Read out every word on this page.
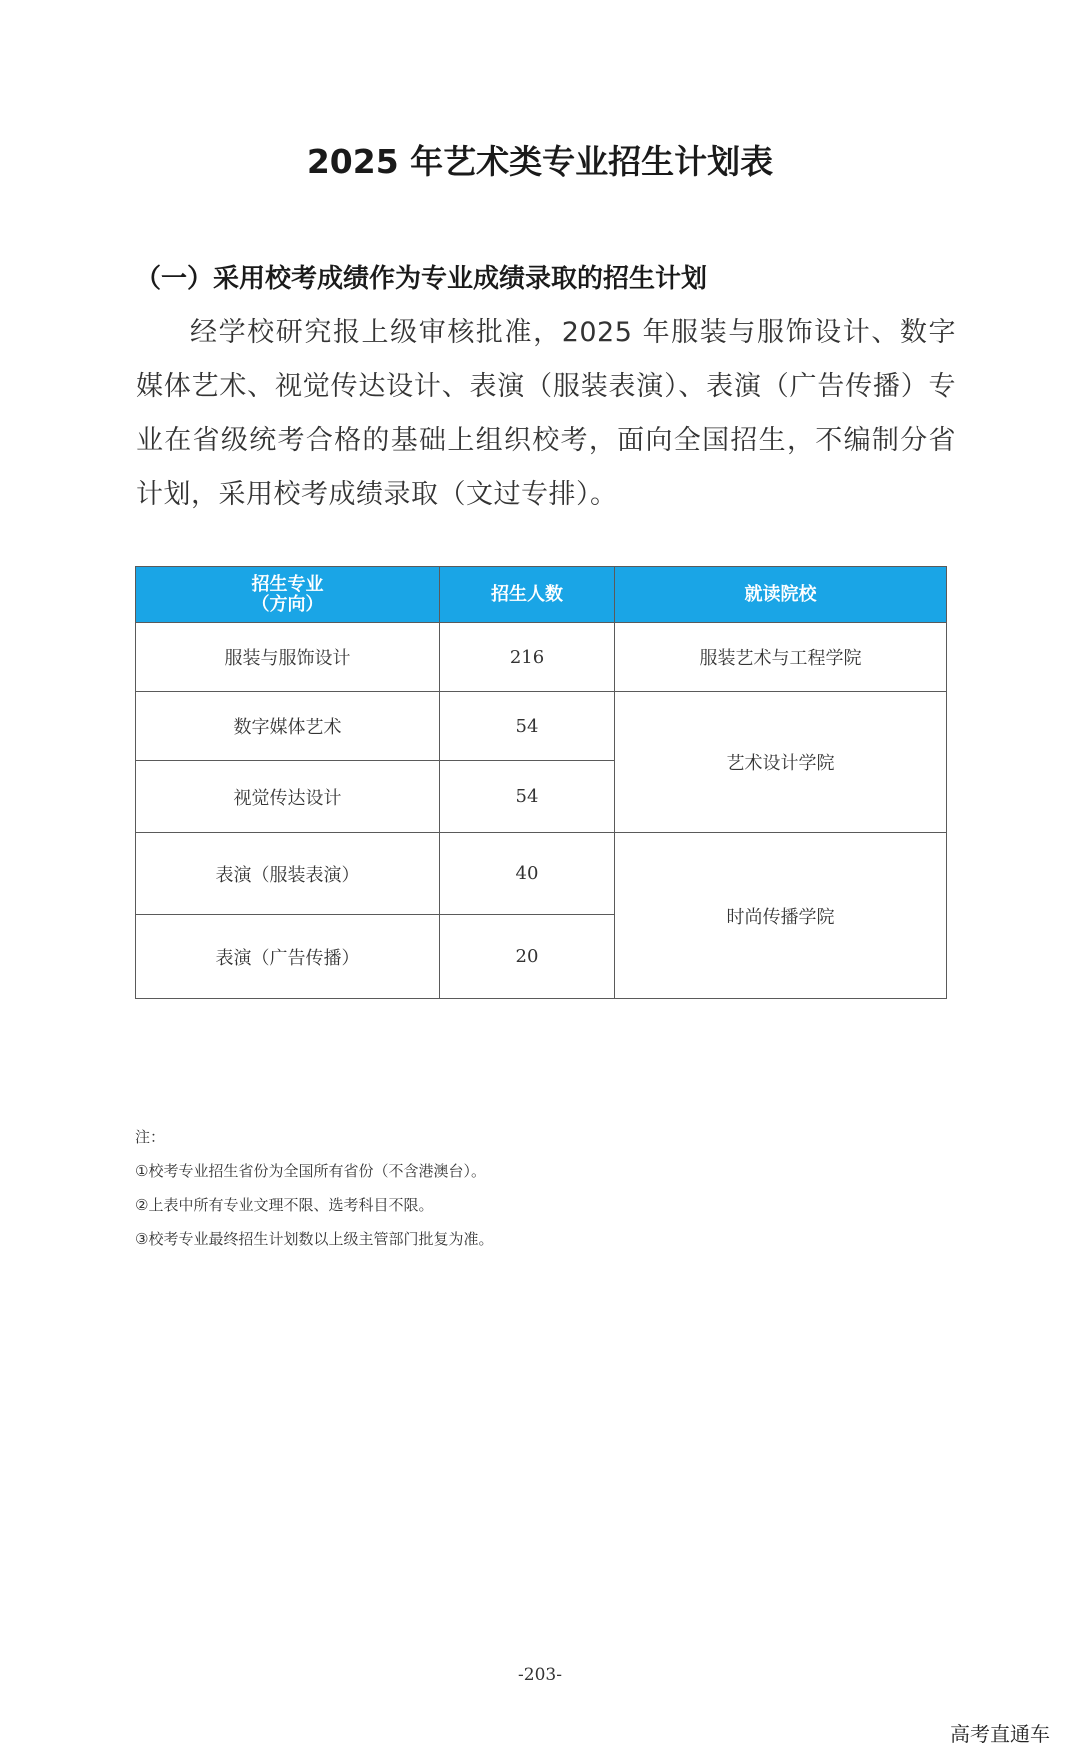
2025 年艺术类专业招生计划表
（一）采用校考成绩作为专业成绩录取的招生计划

经学校研究报上级审核批准，2025 年服装与服饰设计、数字媒体艺术、视觉传达设计、表演（服装表演）、表演（广告传播）专业在省级统考合格的基础上组织校考，面向全国招生，不编制分省计划，采用校考成绩录取（文过专排）。

招生专业
（方向）	招生人数	就读院校
服装与服饰设计	216	服装艺术与工程学院
数字媒体艺术	54	艺术设计学院
视觉传达设计	54	
表演（服装表演）	40	时尚传播学院
表演（广告传播）	20	
注：
①校考专业招生省份为全国所有省份（不含港澳台）。
②上表中所有专业文理不限、选考科目不限。
③校考专业最终招生计划数以上级主管部门批复为准。
-203-
高考直通车
